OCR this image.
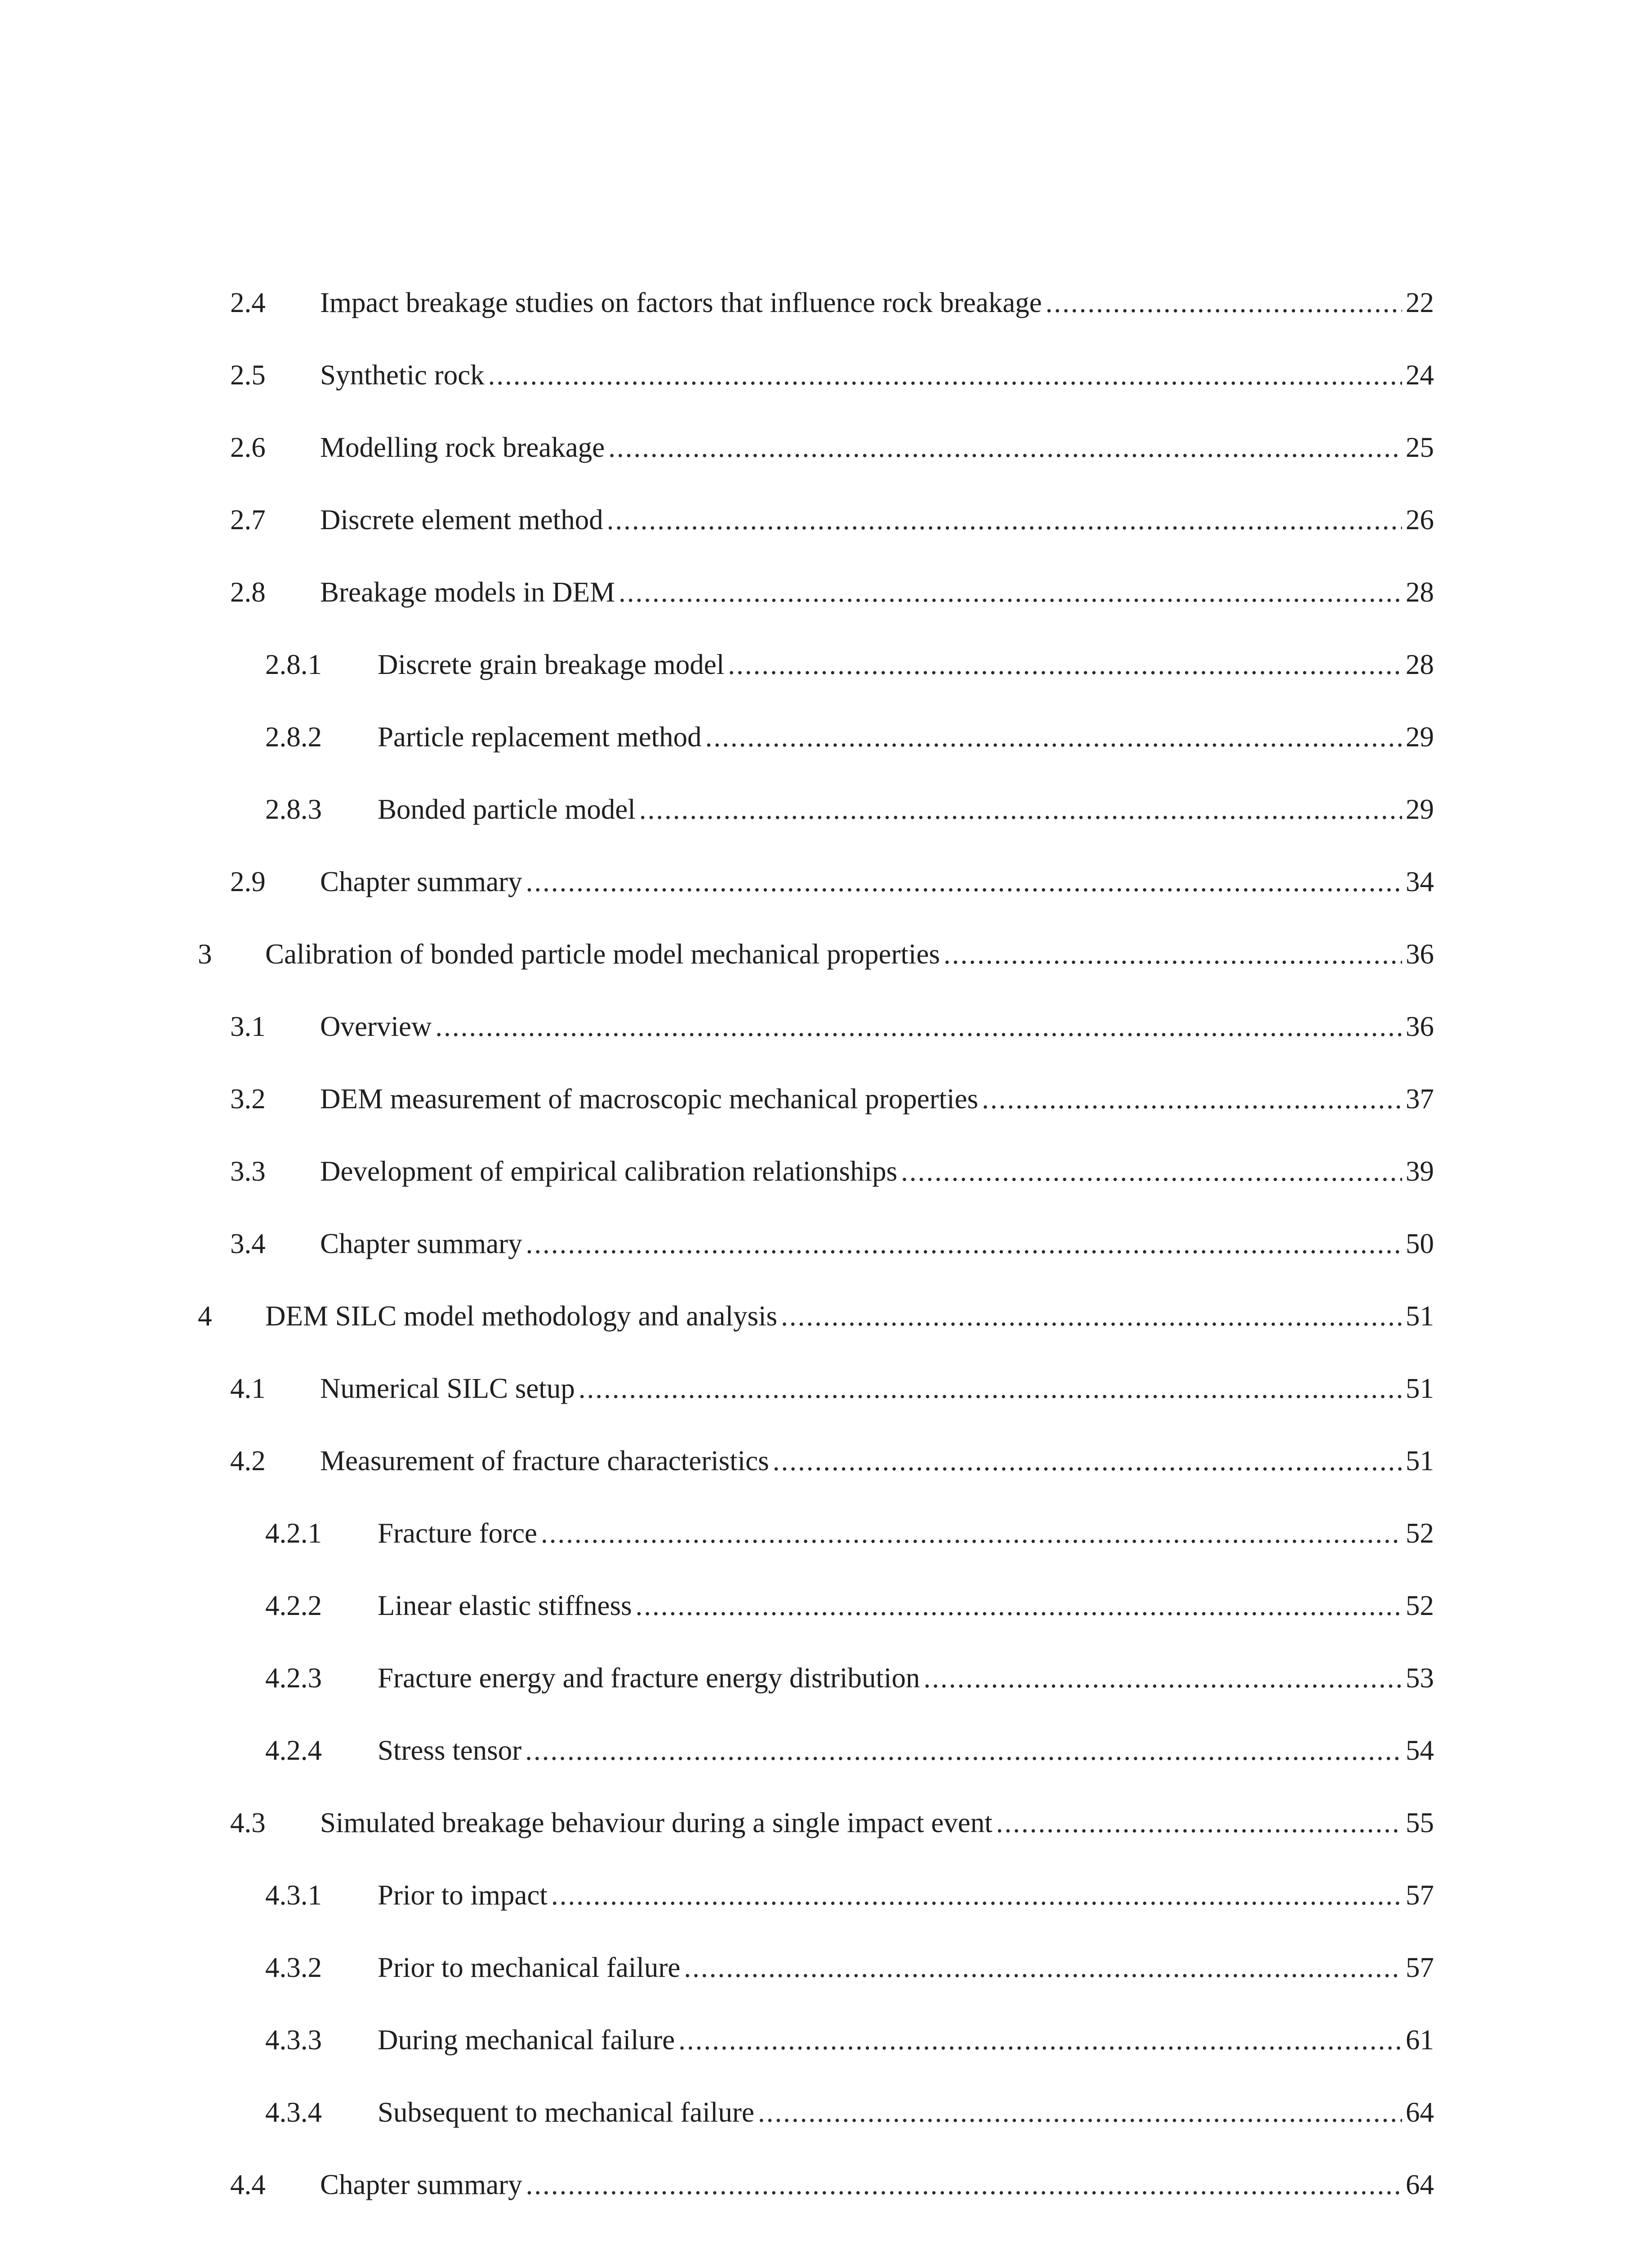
2.4	Impact breakage studies on factors that influence rock breakage .....	22
2.5	Synthetic rock .....	24
2.6	Modelling rock breakage .....	25
2.7	Discrete element method .....	26
2.8	Breakage models in DEM .....	28
2.8.1	Discrete grain breakage model .....	28
2.8.2	Particle replacement method .....	29
2.8.3	Bonded particle model .....	29
2.9	Chapter summary .....	34
3	Calibration of bonded particle model mechanical properties .....	36
3.1	Overview .....	36
3.2	DEM measurement of macroscopic mechanical properties .....	37
3.3	Development of empirical calibration relationships .....	39
3.4	Chapter summary .....	50
4	DEM SILC model methodology and analysis .....	51
4.1	Numerical SILC setup .....	51
4.2	Measurement of fracture characteristics .....	51
4.2.1	Fracture force .....	52
4.2.2	Linear elastic stiffness .....	52
4.2.3	Fracture energy and fracture energy distribution .....	53
4.2.4	Stress tensor .....	54
4.3	Simulated breakage behaviour during a single impact event .....	55
4.3.1	Prior to impact .....	57
4.3.2	Prior to mechanical failure .....	57
4.3.3	During mechanical failure .....	61
4.3.4	Subsequent to mechanical failure .....	64
4.4	Chapter summary .....	64
